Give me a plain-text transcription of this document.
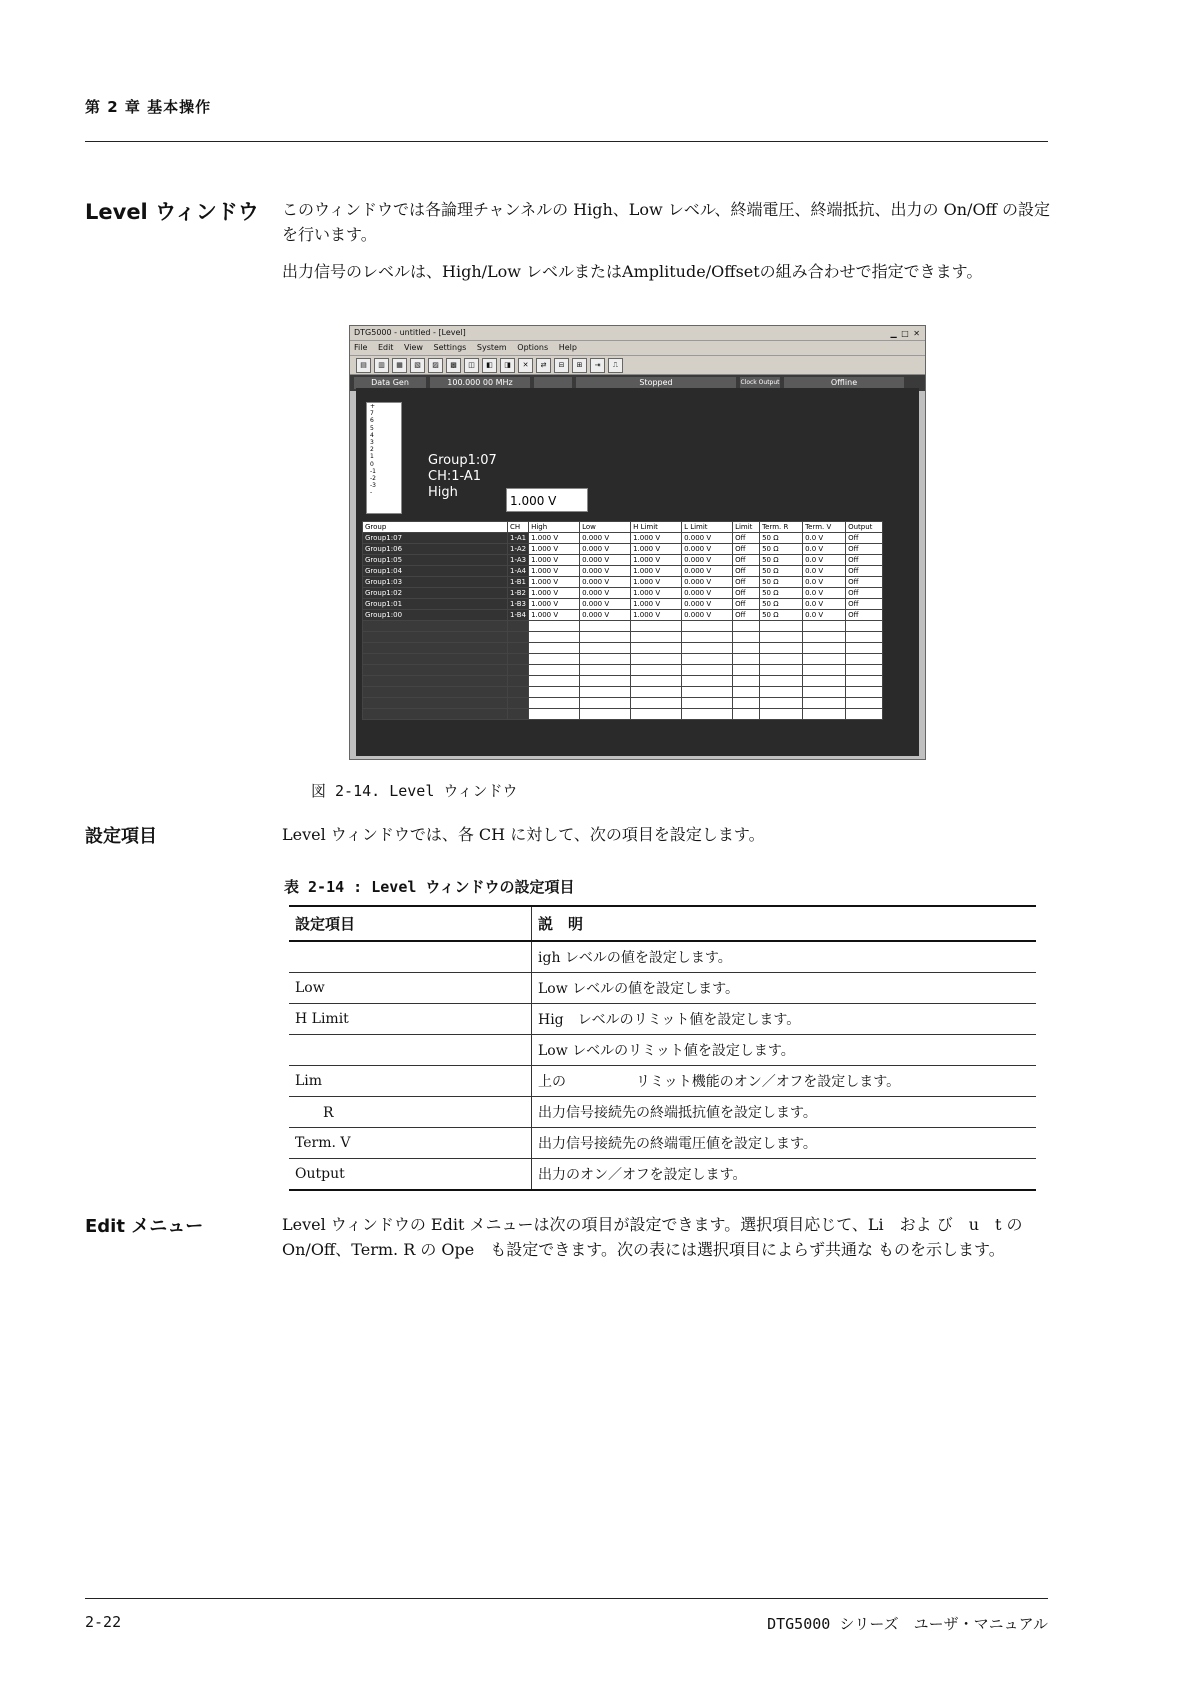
第 2 章 基本操作
Level ウィンドウ このウィンドウでは各論理チャンネルの High、Low レベル、終端電圧、終端抵抗、出力の On/Off の設定を行います。
出力信号のレベルは、High/Low レベルまたはAmplitude/Offsetの組み合わせで指定できます。
DTG5000 - untitled - [Level]	▁ □ ✕
File Edit View Settings System Options Help
▤	▥	▦	▧	▨	▩	◫	◧	◨	✕	⇄	⊟	⊞	⇥	⎍
Data Gen	100.000 00 MHz	Stopped	Clock Output	Offline
+
7
6
5
4
3
2
1
0
-1
-2
-3
-
Group1:07
CH:1-A1
High
1.000 V
Group	CH	High	Low	H Limit	L Limit	Limit	Term. R	Term. V	Output
Group1:07	1-A1	1.000 V	0.000 V	1.000 V	0.000 V	Off	50 Ω	0.0 V	Off
Group1:06	1-A2	1.000 V	0.000 V	1.000 V	0.000 V	Off	50 Ω	0.0 V	Off
Group1:05	1-A3	1.000 V	0.000 V	1.000 V	0.000 V	Off	50 Ω	0.0 V	Off
Group1:04	1-A4	1.000 V	0.000 V	1.000 V	0.000 V	Off	50 Ω	0.0 V	Off
Group1:03	1-B1	1.000 V	0.000 V	1.000 V	0.000 V	Off	50 Ω	0.0 V	Off
Group1:02	1-B2	1.000 V	0.000 V	1.000 V	0.000 V	Off	50 Ω	0.0 V	Off
Group1:01	1-B3	1.000 V	0.000 V	1.000 V	0.000 V	Off	50 Ω	0.0 V	Off
Group1:00	1-B4	1.000 V	0.000 V	1.000 V	0.000 V	Off	50 Ω	0.0 V	Off

図 2-14. Level ウィンドウ
設定項目	Level ウィンドウでは、各 CH に対して、次の項目を設定します。
表 2-14 : Level ウィンドウの設定項目
設定項目	説　明
	igh レベルの値を設定します。
Low	Low レベルの値を設定します。
H Limit	Hig　レベルのリミット値を設定します。
	Low レベルのリミット値を設定します。
Lim	上の　　　　　リミット機能のオン／オフを設定します。
　　R	出力信号接続先の終端抵抗値を設定します。
Term. V	出力信号接続先の終端電圧値を設定します。
Output	出力のオン／オフを設定します。
Edit メニュー	Level ウィンドウの Edit メニューは次の項目が設定できます。選択項目応じて、Li　およ び　u　t の On/Off、Term. R の Ope　も設定できます。次の表には選択項目によらず共通な ものを示します。
2-22	DTG5000 シリーズ　ユーザ・マニュアル
